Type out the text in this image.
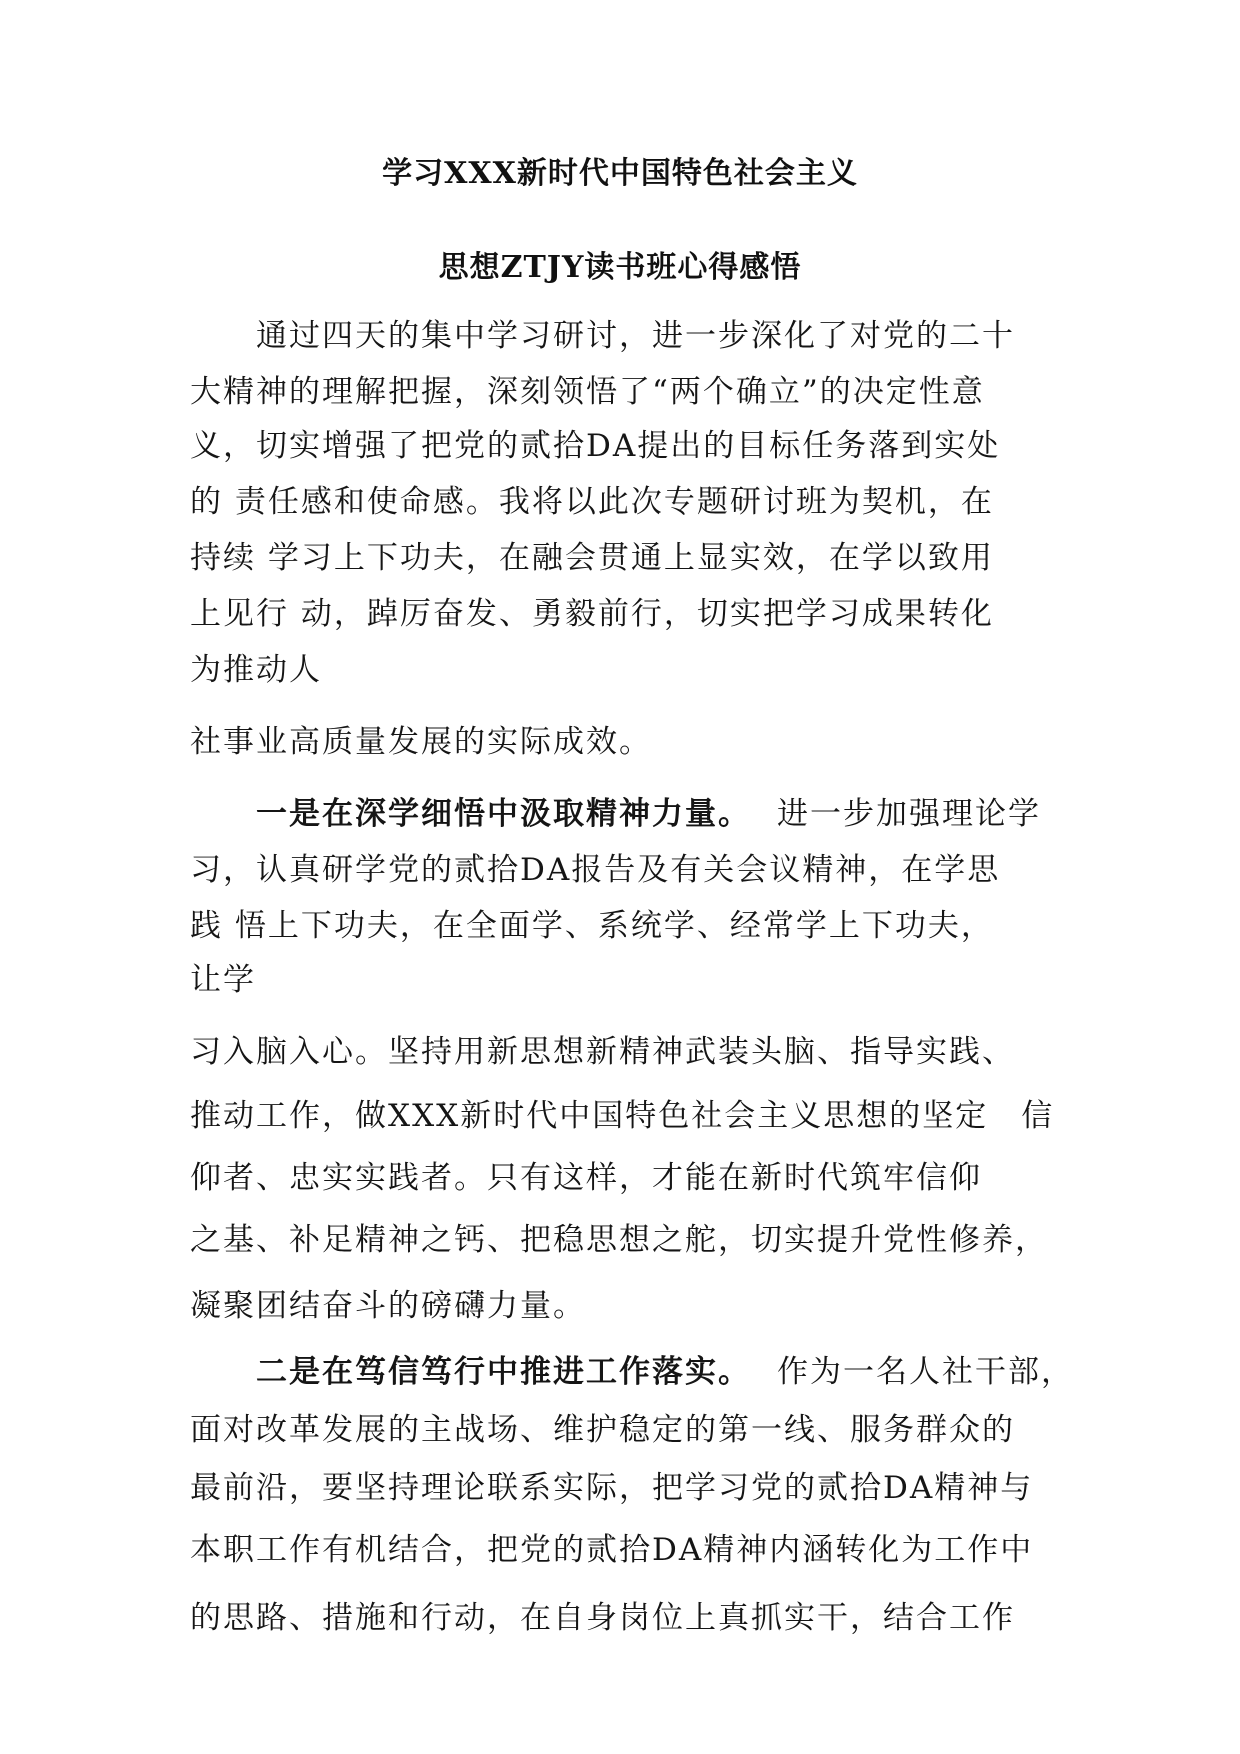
学习XXX新时代中国特色社会主义
思想ZTJY读书班心得感悟
通过四天的集中学习研讨，进一步深化了对党的二十
大精神的理解把握，深刻领悟了“两个确立”的决定性意
义，切实增强了把党的贰拾DA提出的目标任务落到实处
的 责任感和使命感。我将以此次专题研讨班为契机，在
持续 学习上下功夫，在融会贯通上显实效，在学以致用
上见行 动，踔厉奋发、勇毅前行，切实把学习成果转化
为推动人
社事业高质量发展的实际成效。
一是在深学细悟中汲取精神力量。 进一步加强理论学
习，认真研学党的贰拾DA报告及有关会议精神，在学思
践 悟上下功夫，在全面学、系统学、经常学上下功夫，
让学
习入脑入心。坚持用新思想新精神武装头脑、指导实践、
推动工作，做XXX新时代中国特色社会主义思想的坚定　信
仰者、忠实实践者。只有这样，才能在新时代筑牢信仰
之基、补足精神之钙、把稳思想之舵，切实提升党性修养，
凝聚团结奋斗的磅礴力量。
二是在笃信笃行中推进工作落实。 作为一名人社干部，
面对改革发展的主战场、维护稳定的第一线、服务群众的
最前沿，要坚持理论联系实际，把学习党的贰拾DA精神与
本职工作有机结合，把党的贰拾DA精神内涵转化为工作中
的思路、措施和行动，在自身岗位上真抓实干，结合工作
